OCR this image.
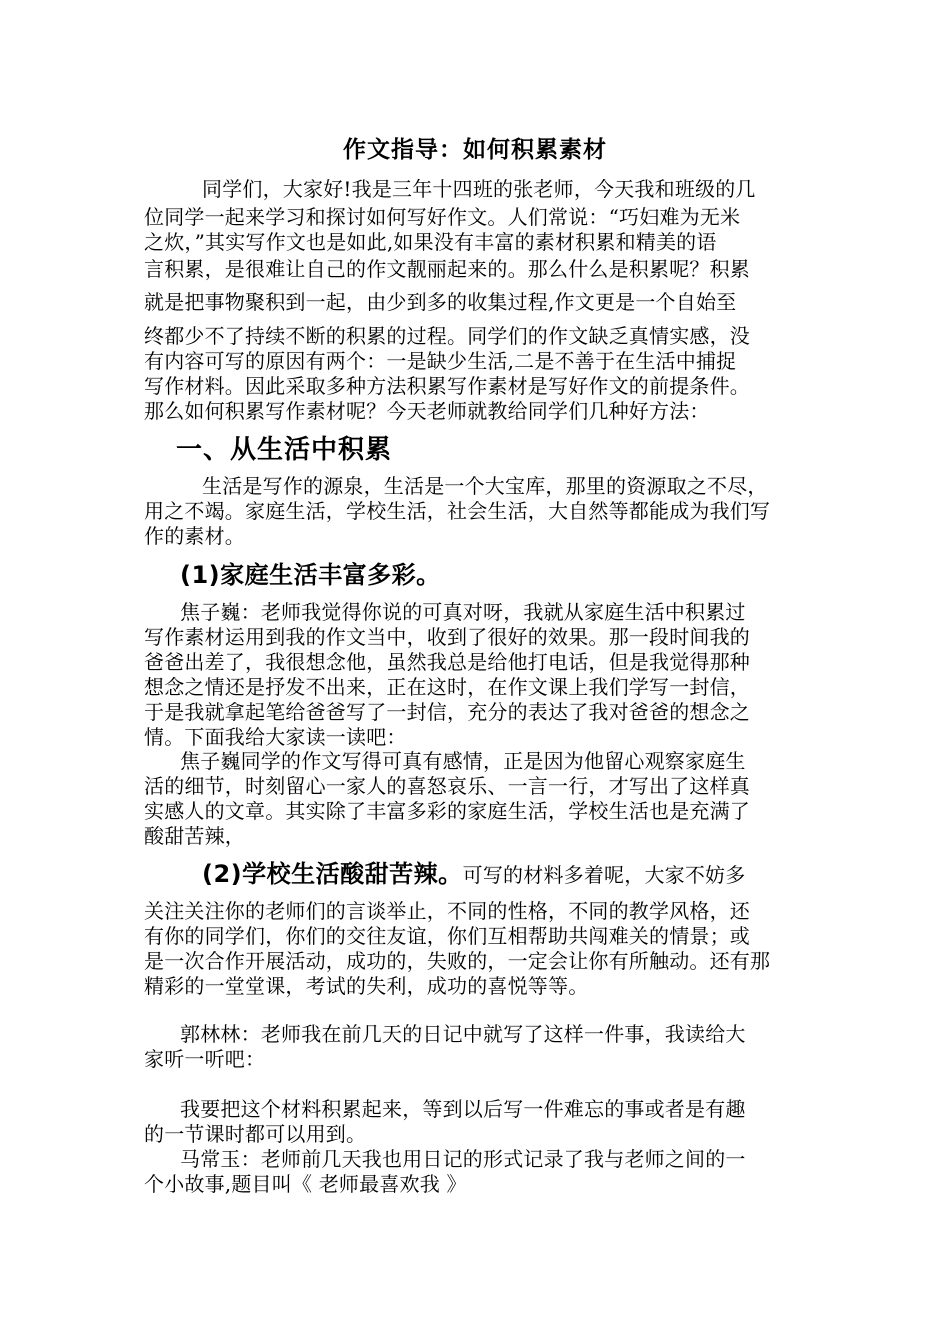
作文指导：如何积累素材
同学们，大家好!我是三年十四班的张老师，今天我和班级的几
位同学一起来学习和探讨如何写好作文。人们常说：“巧妇难为无米
之炊，”其实写作文也是如此,如果没有丰富的素材积累和精美的语
言积累，是很难让自己的作文靓丽起来的。那么什么是积累呢？积累
就是把事物聚积到一起，由少到多的收集过程,作文更是一个自始至
终都少不了持续不断的积累的过程。同学们的作文缺乏真情实感，没
有内容可写的原因有两个：一是缺少生活,二是不善于在生活中捕捉
写作材料。因此采取多种方法积累写作素材是写好作文的前提条件。
那么如何积累写作素材呢？今天老师就教给同学们几种好方法：
一、从生活中积累
生活是写作的源泉，生活是一个大宝库，那里的资源取之不尽，
用之不竭。家庭生活，学校生活，社会生活，大自然等都能成为我们写
作的素材。
(1)家庭生活丰富多彩。
焦子巍：老师我觉得你说的可真对呀，我就从家庭生活中积累过
写作素材运用到我的作文当中，收到了很好的效果。那一段时间我的
爸爸出差了，我很想念他，虽然我总是给他打电话，但是我觉得那种
想念之情还是抒发不出来，正在这时，在作文课上我们学写一封信，
于是我就拿起笔给爸爸写了一封信，充分的表达了我对爸爸的想念之
情。下面我给大家读一读吧：
焦子巍同学的作文写得可真有感情，正是因为他留心观察家庭生
活的细节，时刻留心一家人的喜怒哀乐、一言一行，才写出了这样真
实感人的文章。其实除了丰富多彩的家庭生活，学校生活也是充满了
酸甜苦辣，
(2)学校生活酸甜苦辣。可写的材料多着呢，大家不妨多
关注关注你的老师们的言谈举止，不同的性格，不同的教学风格，还
有你的同学们，你们的交往友谊，你们互相帮助共闯难关的情景；或
是一次合作开展活动，成功的，失败的，一定会让你有所触动。还有那
精彩的一堂堂课，考试的失利，成功的喜悦等等。
郭林林：老师我在前几天的日记中就写了这样一件事，我读给大
家听一听吧：
我要把这个材料积累起来，等到以后写一件难忘的事或者是有趣
的一节课时都可以用到。
马常玉：老师前几天我也用日记的形式记录了我与老师之间的一
个小故事,题目叫《 老师最喜欢我 》
